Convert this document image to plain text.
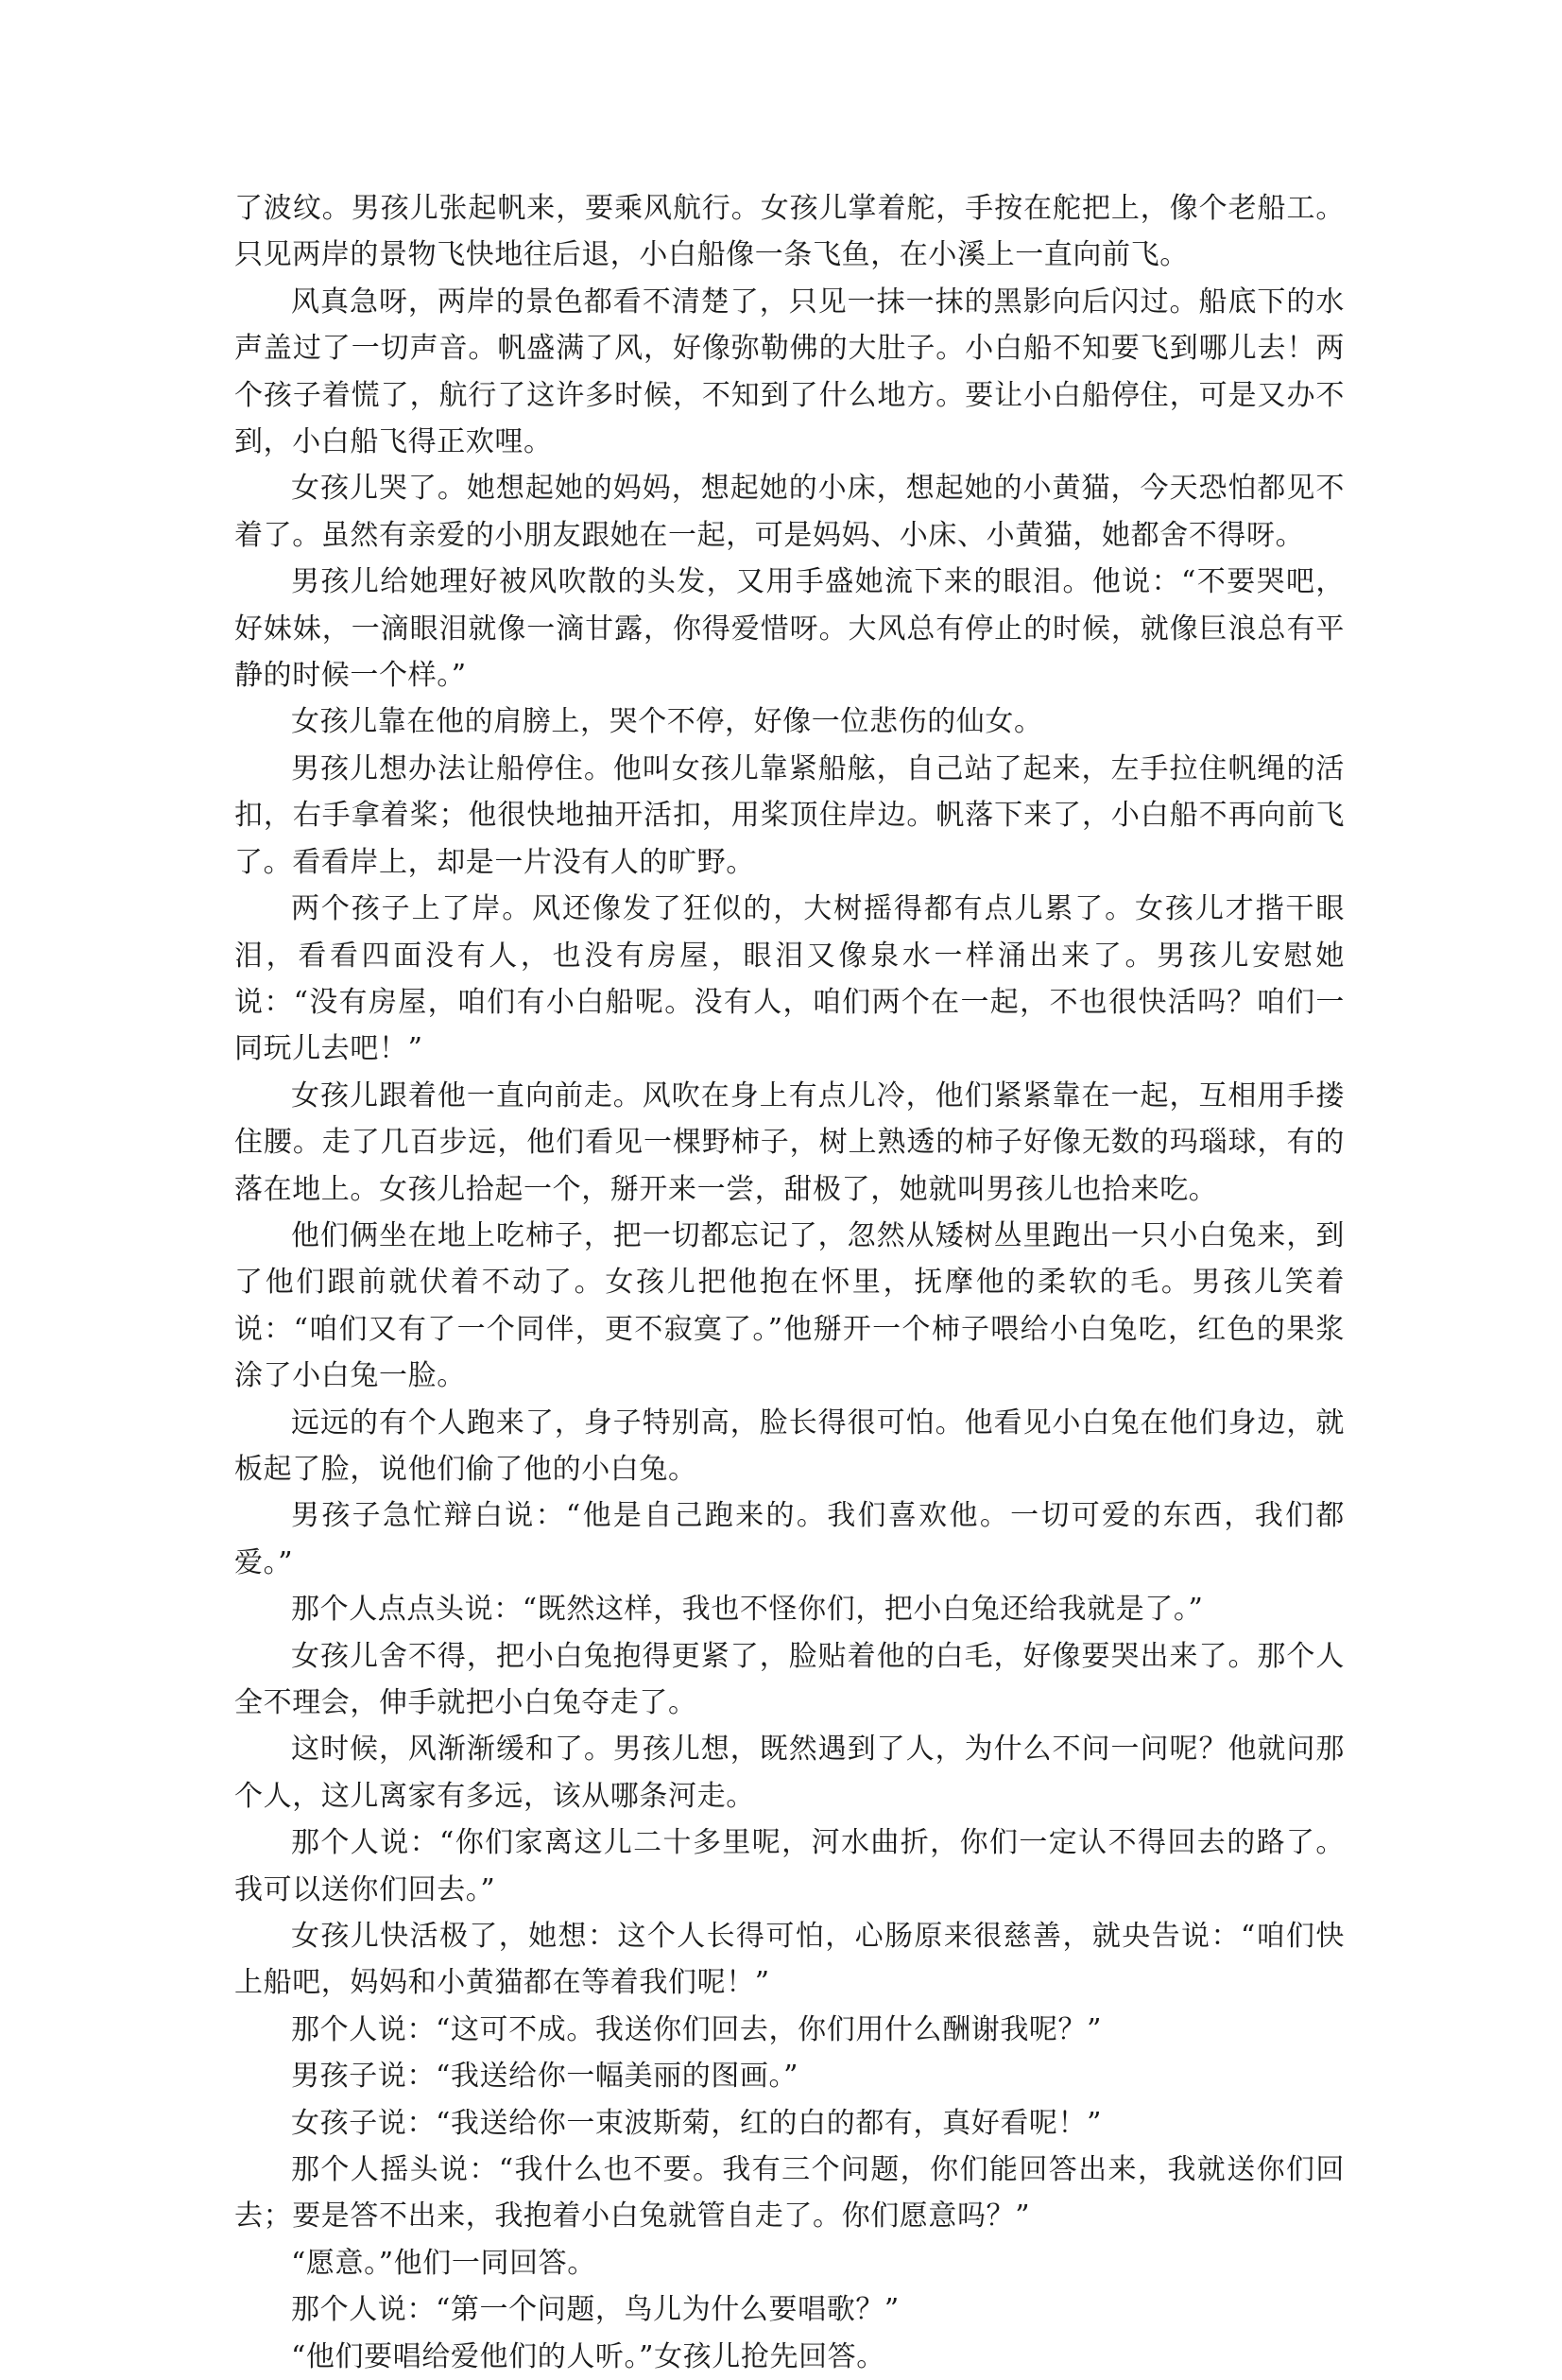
了波纹。男孩儿张起帆来，要乘风航行。女孩儿掌着舵，手按在舵把上，像个老船工。只见两岸的景物飞快地往后退，小白船像一条飞鱼，在小溪上一直向前飞。

风真急呀，两岸的景色都看不清楚了，只见一抹一抹的黑影向后闪过。船底下的水声盖过了一切声音。帆盛满了风，好像弥勒佛的大肚子。小白船不知要飞到哪儿去！两个孩子着慌了，航行了这许多时候，不知到了什么地方。要让小白船停住，可是又办不到，小白船飞得正欢哩。

女孩儿哭了。她想起她的妈妈，想起她的小床，想起她的小黄猫，今天恐怕都见不着了。虽然有亲爱的小朋友跟她在一起，可是妈妈、小床、小黄猫，她都舍不得呀。

男孩儿给她理好被风吹散的头发，又用手盛她流下来的眼泪。他说：“不要哭吧，好妹妹，一滴眼泪就像一滴甘露，你得爱惜呀。大风总有停止的时候，就像巨浪总有平静的时候一个样。”

女孩儿靠在他的肩膀上，哭个不停，好像一位悲伤的仙女。

男孩儿想办法让船停住。他叫女孩儿靠紧船舷，自己站了起来，左手拉住帆绳的活扣，右手拿着桨；他很快地抽开活扣，用桨顶住岸边。帆落下来了，小白船不再向前飞了。看看岸上，却是一片没有人的旷野。

两个孩子上了岸。风还像发了狂似的，大树摇得都有点儿累了。女孩儿才揩干眼泪，看看四面没有人，也没有房屋，眼泪又像泉水一样涌出来了。男孩儿安慰她说：“没有房屋，咱们有小白船呢。没有人，咱们两个在一起，不也很快活吗？咱们一同玩儿去吧！”

女孩儿跟着他一直向前走。风吹在身上有点儿冷，他们紧紧靠在一起，互相用手搂住腰。走了几百步远，他们看见一棵野柿子，树上熟透的柿子好像无数的玛瑙球，有的落在地上。女孩儿拾起一个，掰开来一尝，甜极了，她就叫男孩儿也拾来吃。

他们俩坐在地上吃柿子，把一切都忘记了，忽然从矮树丛里跑出一只小白兔来，到了他们跟前就伏着不动了。女孩儿把他抱在怀里，抚摩他的柔软的毛。男孩儿笑着说：“咱们又有了一个同伴，更不寂寞了。”他掰开一个柿子喂给小白兔吃，红色的果浆涂了小白兔一脸。

远远的有个人跑来了，身子特别高，脸长得很可怕。他看见小白兔在他们身边，就板起了脸，说他们偷了他的小白兔。

男孩子急忙辩白说：“他是自己跑来的。我们喜欢他。一切可爱的东西，我们都爱。”

那个人点点头说：“既然这样，我也不怪你们，把小白兔还给我就是了。”

女孩儿舍不得，把小白兔抱得更紧了，脸贴着他的白毛，好像要哭出来了。那个人全不理会，伸手就把小白兔夺走了。

这时候，风渐渐缓和了。男孩儿想，既然遇到了人，为什么不问一问呢？他就问那个人，这儿离家有多远，该从哪条河走。

那个人说：“你们家离这儿二十多里呢，河水曲折，你们一定认不得回去的路了。我可以送你们回去。”

女孩儿快活极了，她想：这个人长得可怕，心肠原来很慈善，就央告说：“咱们快上船吧，妈妈和小黄猫都在等着我们呢！”

那个人说：“这可不成。我送你们回去，你们用什么酬谢我呢？”

男孩子说：“我送给你一幅美丽的图画。”

女孩子说：“我送给你一束波斯菊，红的白的都有，真好看呢！”

那个人摇头说：“我什么也不要。我有三个问题，你们能回答出来，我就送你们回去；要是答不出来，我抱着小白兔就管自走了。你们愿意吗？”

“愿意。”他们一同回答。

那个人说：“第一个问题，鸟儿为什么要唱歌？”

“他们要唱给爱他们的人听。”女孩儿抢先回答。
